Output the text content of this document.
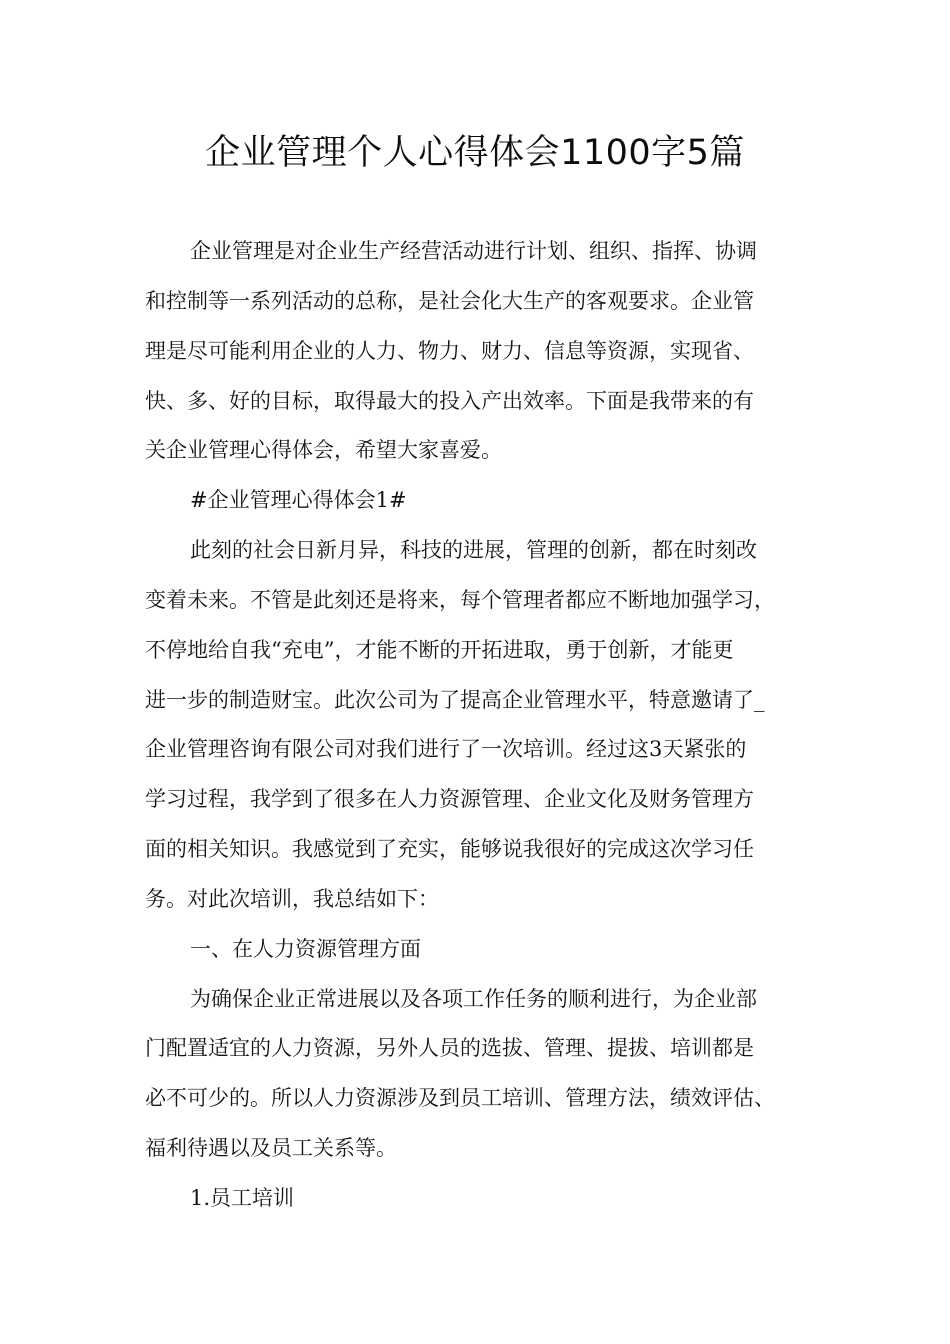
企业管理个人心得体会1100字5篇
企业管理是对企业生产经营活动进行计划、组织、指挥、协调
和控制等一系列活动的总称，是社会化大生产的客观要求。企业管
理是尽可能利用企业的人力、物力、财力、信息等资源，实现省、
快、多、好的目标，取得最大的投入产出效率。下面是我带来的有
关企业管理心得体会，希望大家喜爱。
#企业管理心得体会1#
此刻的社会日新月异，科技的进展，管理的创新，都在时刻改
变着未来。不管是此刻还是将来，每个管理者都应不断地加强学习，
不停地给自我“充电”，才能不断的开拓进取，勇于创新，才能更
进一步的制造财宝。此次公司为了提高企业管理水平，特意邀请了_
企业管理咨询有限公司对我们进行了一次培训。经过这3天紧张的
学习过程，我学到了很多在人力资源管理、企业文化及财务管理方
面的相关知识。我感觉到了充实，能够说我很好的完成这次学习任
务。对此次培训，我总结如下：
一、在人力资源管理方面
为确保企业正常进展以及各项工作任务的顺利进行，为企业部
门配置适宜的人力资源，另外人员的选拔、管理、提拔、培训都是
必不可少的。所以人力资源涉及到员工培训、管理方法，绩效评估、
福利待遇以及员工关系等。
1.员工培训
